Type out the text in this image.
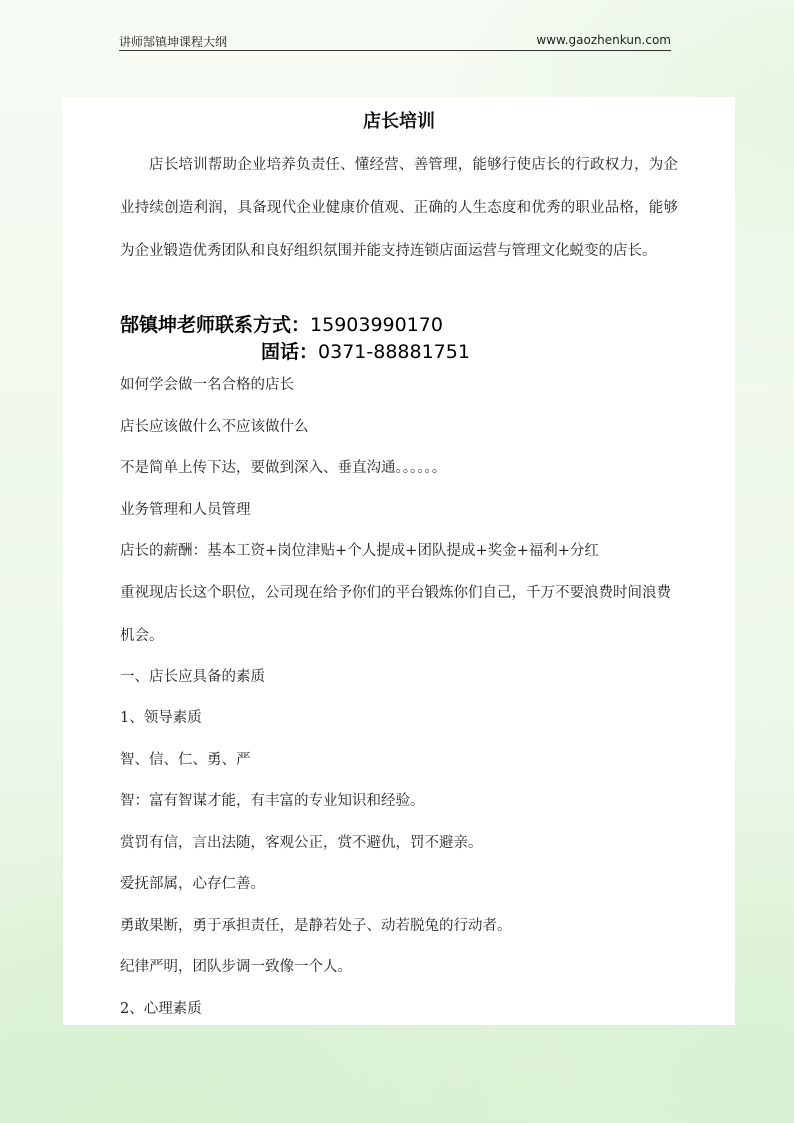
讲师郜镇坤课程大纲	www.gaozhenkun.com
店长培训

店长培训帮助企业培养负责任、懂经营、善管理，能够行使店长的行政权力，为企业持续创造利润，具备现代企业健康价值观、正确的人生态度和优秀的职业品格，能够为企业锻造优秀团队和良好组织氛围并能支持连锁店面运营与管理文化蜕变的店长。

郜镇坤老师联系方式：15903990170
固话：0371-88881751
如何学会做一名合格的店长
店长应该做什么不应该做什么
不是简单上传下达，要做到深入、垂直沟通。。。。。。
业务管理和人员管理
店长的薪酬：基本工资+岗位津贴+个人提成+团队提成+奖金+福利+分红
重视现店长这个职位，公司现在给予你们的平台锻炼你们自己，千万不要浪费时间浪费机会。
一、店长应具备的素质
1、领导素质
智、信、仁、勇、严
智：富有智谋才能，有丰富的专业知识和经验。
赏罚有信，言出法随，客观公正，赏不避仇，罚不避亲。
爱抚部属，心存仁善。
勇敢果断，勇于承担责任，是静若处子、动若脱兔的行动者。
纪律严明，团队步调一致像一个人。
2、心理素质
